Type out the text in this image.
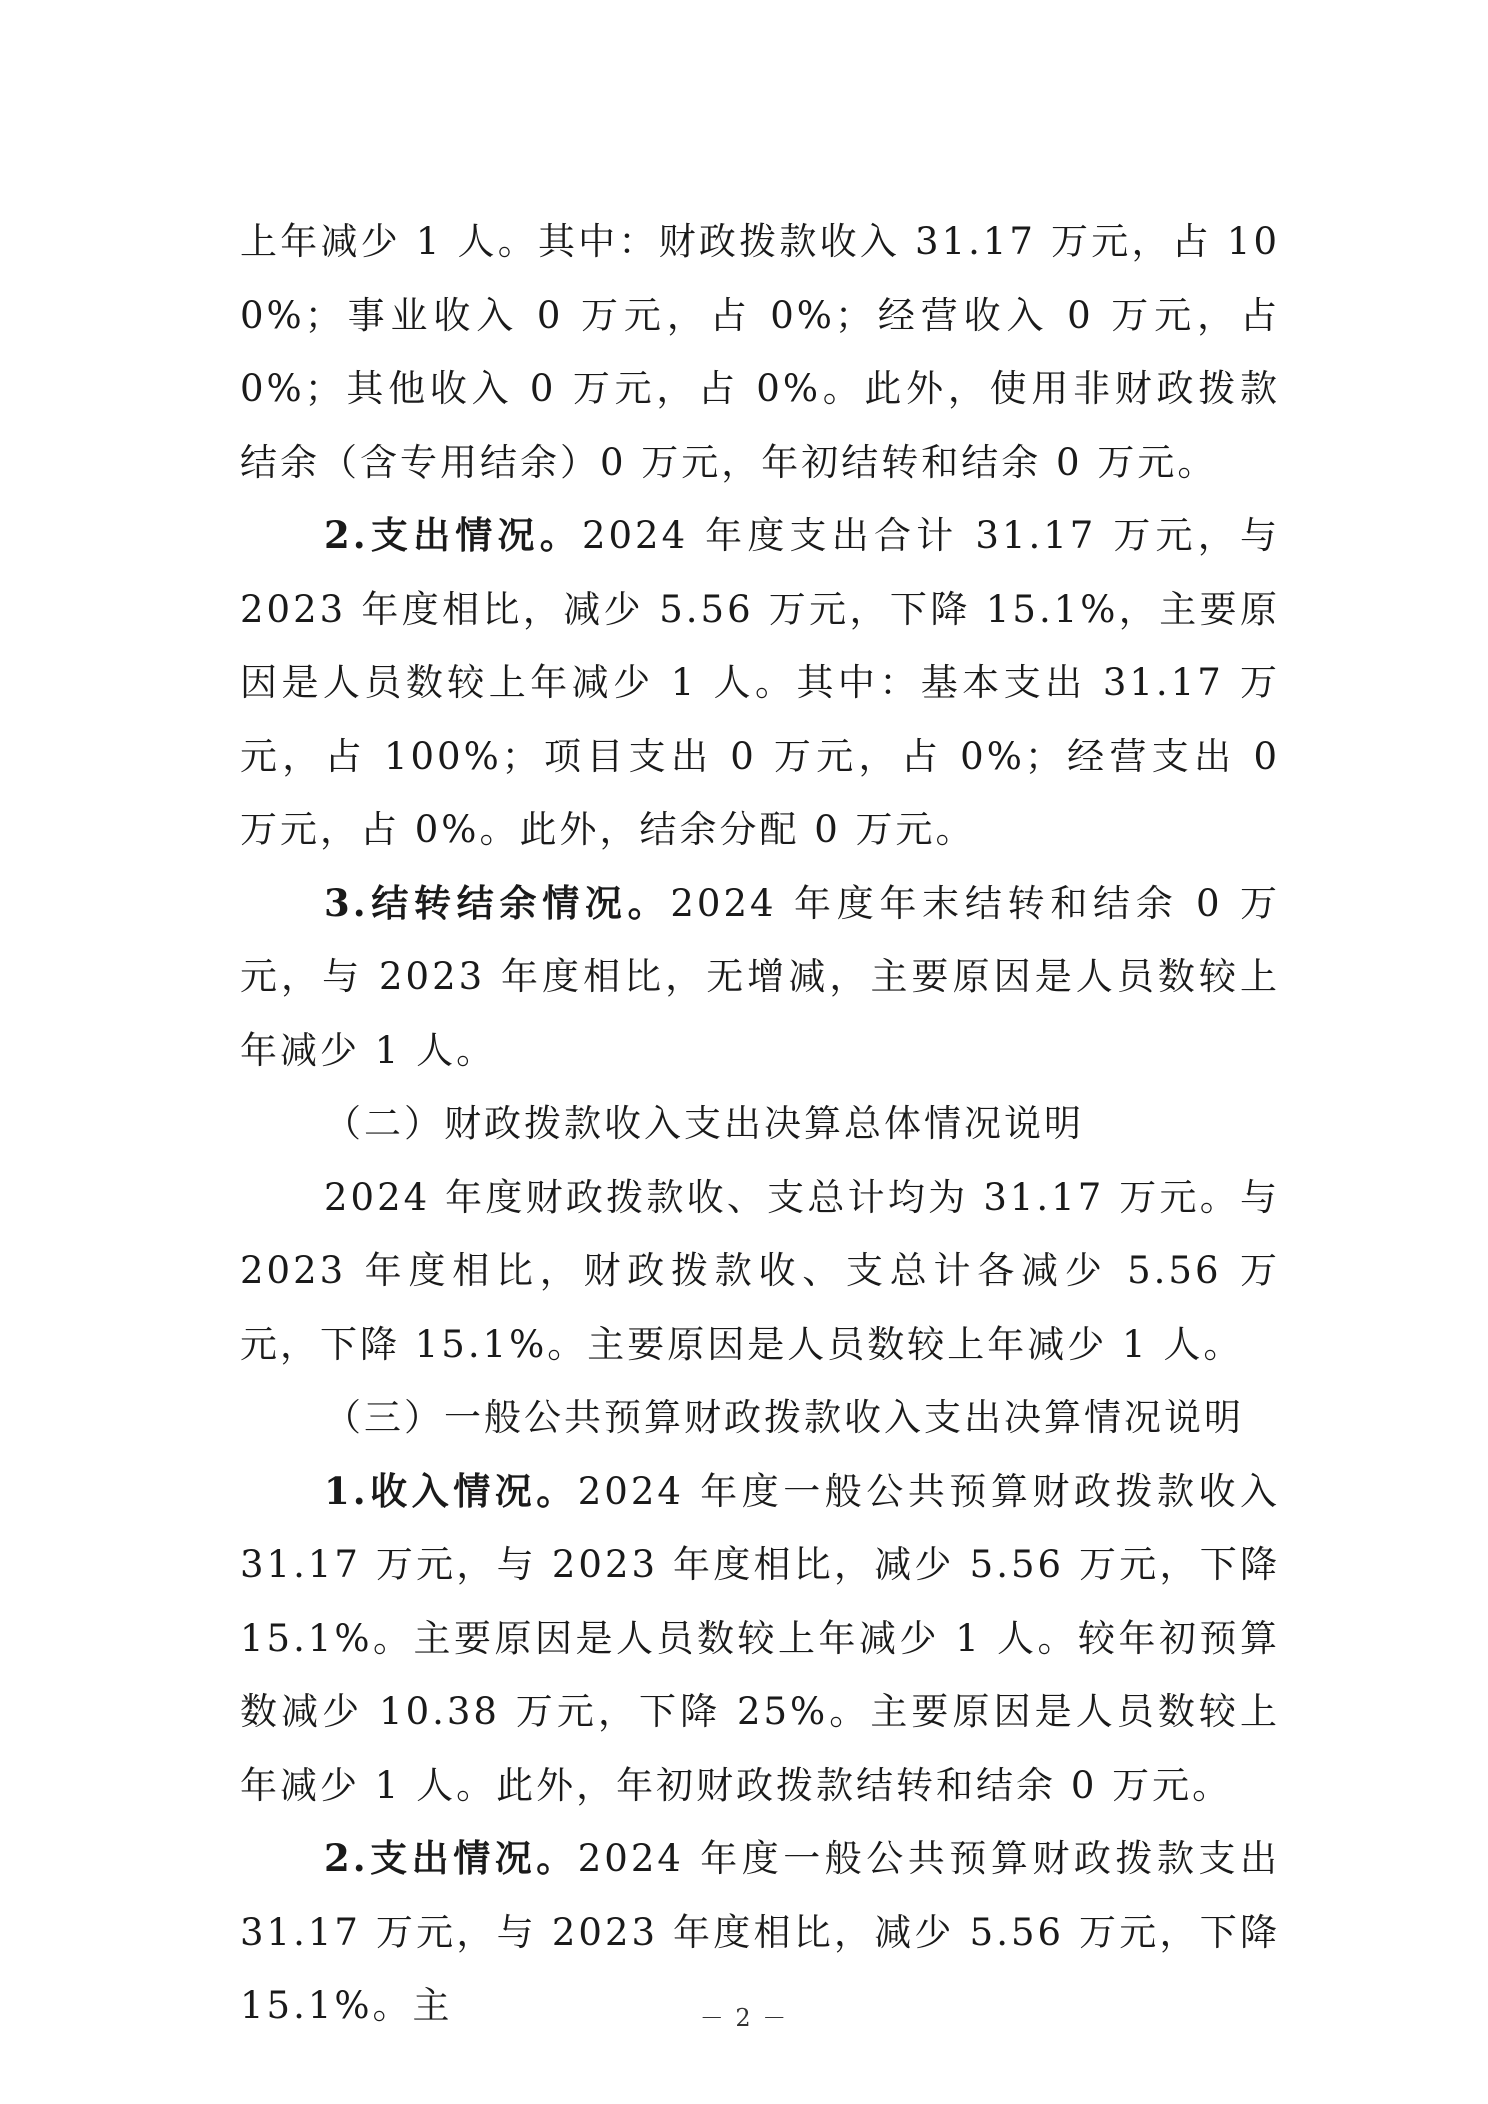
上年减少 1 人。其中：财政拨款收入 31.17 万元，占 100%；事业收入 0 万元，占 0%；经营收入 0 万元，占 0%；其他收入 0 万元，占 0%。此外，使用非财政拨款结余（含专用结余）0 万元，年初结转和结余 0 万元。

2.支出情况。2024 年度支出合计 31.17 万元，与 2023 年度相比，减少 5.56 万元，下降 15.1%，主要原因是人员数较上年减少 1 人。其中：基本支出 31.17 万元，占 100%；项目支出 0 万元，占 0%；经营支出 0 万元，占 0%。此外，结余分配 0 万元。

3.结转结余情况。2024 年度年末结转和结余 0 万元，与 2023 年度相比，无增减，主要原因是人员数较上年减少 1 人。

（二）财政拨款收入支出决算总体情况说明

2024 年度财政拨款收、支总计均为 31.17 万元。与 2023 年度相比，财政拨款收、支总计各减少 5.56 万元，下降 15.1%。主要原因是人员数较上年减少 1 人。

（三）一般公共预算财政拨款收入支出决算情况说明

1.收入情况。2024 年度一般公共预算财政拨款收入 31.17 万元，与 2023 年度相比，减少 5.56 万元，下降 15.1%。主要原因是人员数较上年减少 1 人。较年初预算数减少 10.38 万元，下降 25%。主要原因是人员数较上年减少 1 人。此外，年初财政拨款结转和结余 0 万元。

2.支出情况。2024 年度一般公共预算财政拨款支出 31.17 万元，与 2023 年度相比，减少 5.56 万元，下降 15.1%。主	－ 2 －
